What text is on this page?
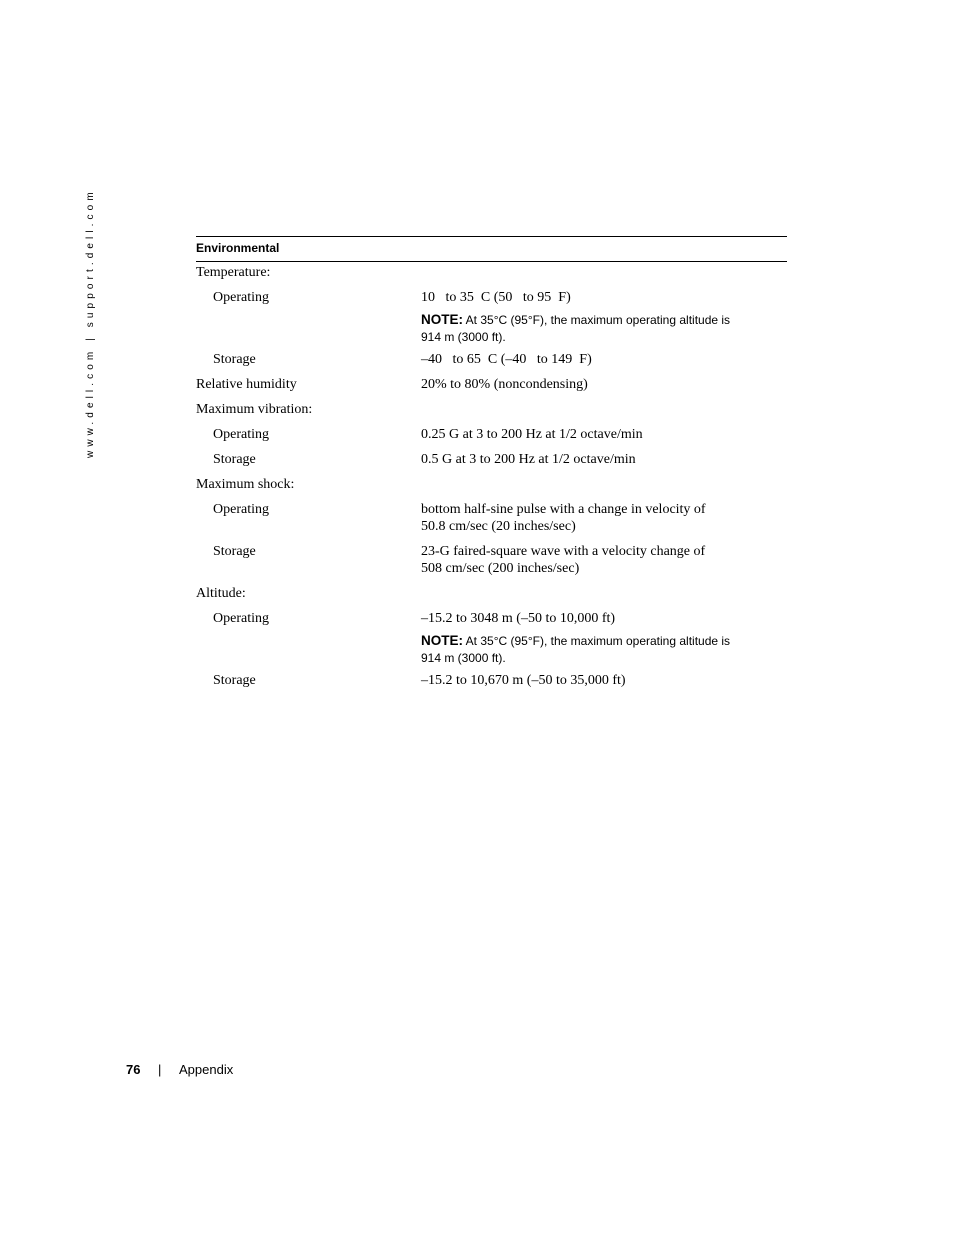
www.dell.com | support.dell.com	Environmental
Temperature:
Operating	10   to 35  C (50   to 95  F)
NOTE: At 35°C (95°F), the maximum operating altitude is 914 m (3000 ft).
Storage	–40   to 65  C (–40   to 149  F)
Relative humidity	20% to 80% (noncondensing)
Maximum vibration:
Operating	0.25 G at 3 to 200 Hz at 1/2 octave/min
Storage	0.5 G at 3 to 200 Hz at 1/2 octave/min
Maximum shock:
Operating	bottom half-sine pulse with a change in velocity of 50.8 cm/sec (20 inches/sec)
Storage	23-G faired-square wave with a velocity change of 508 cm/sec (200 inches/sec)
Altitude:
Operating	–15.2 to 3048 m (–50 to 10,000 ft)
NOTE: At 35°C (95°F), the maximum operating altitude is 914 m (3000 ft).
Storage	–15.2 to 10,670 m (–50 to 35,000 ft)
76 | Appendix
